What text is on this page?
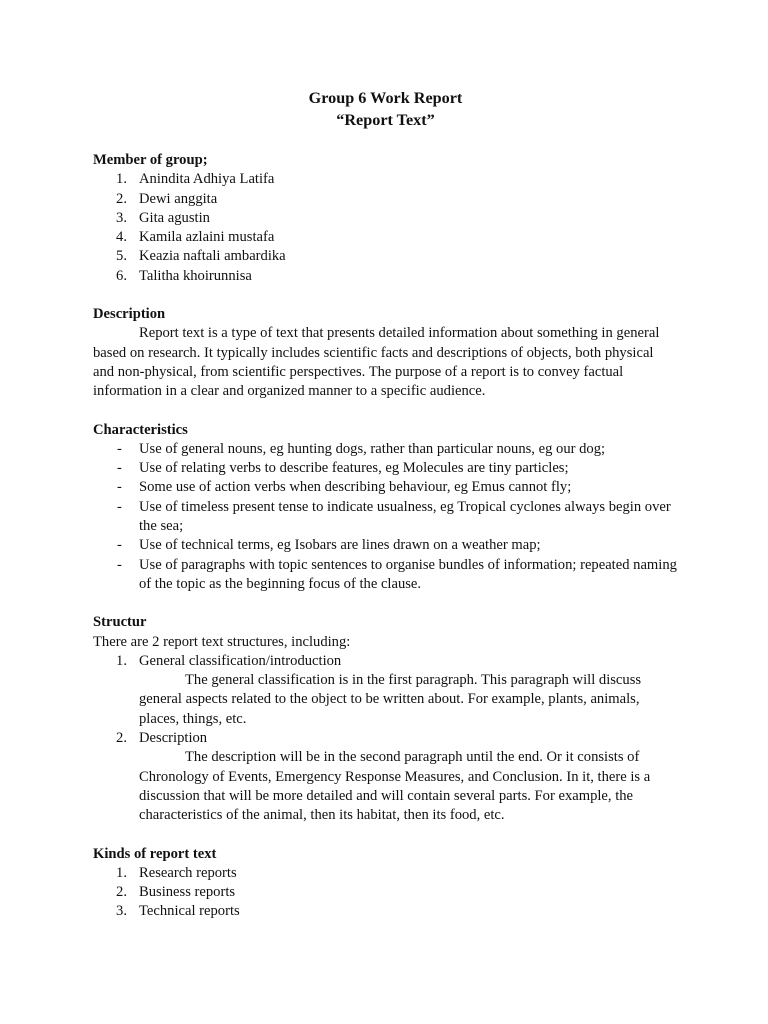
Group 6 Work Report

“Report Text”

Member of group;

1. Anindita Adhiya Latifa
2. Dewi anggita
3. Gita agustin
4. Kamila azlaini mustafa
5. Keazia naftali ambardika
6. Talitha khoirunnisa

Description

Report text is a type of text that presents detailed information about something in general based on research. It typically includes scientific facts and descriptions of objects, both physical and non-physical, from scientific perspectives. The purpose of a report is to convey factual information in a clear and organized manner to a specific audience.

Characteristics

-	Use of general nouns, eg hunting dogs, rather than particular nouns, eg our dog;
-	Use of relating verbs to describe features, eg Molecules are tiny particles;
-	Some use of action verbs when describing behaviour, eg Emus cannot fly;
-	Use of timeless present tense to indicate usualness, eg Tropical cyclones always begin over the sea;
-	Use of technical terms, eg Isobars are lines drawn on a weather map;
-	Use of paragraphs with topic sentences to organise bundles of information; repeated naming of the topic as the beginning focus of the clause.

Structur

There are 2 report text structures, including:

1. General classification/introduction

The general classification is in the first paragraph. This paragraph will discuss general aspects related to the object to be written about. For example, plants, animals, places, things, etc.

2. Description

The description will be in the second paragraph until the end. Or it consists of Chronology of Events, Emergency Response Measures, and Conclusion. In it, there is a discussion that will be more detailed and will contain several parts. For example, the characteristics of the animal, then its habitat, then its food, etc.

Kinds of report text

1. Research reports
2. Business reports
3. Technical reports
